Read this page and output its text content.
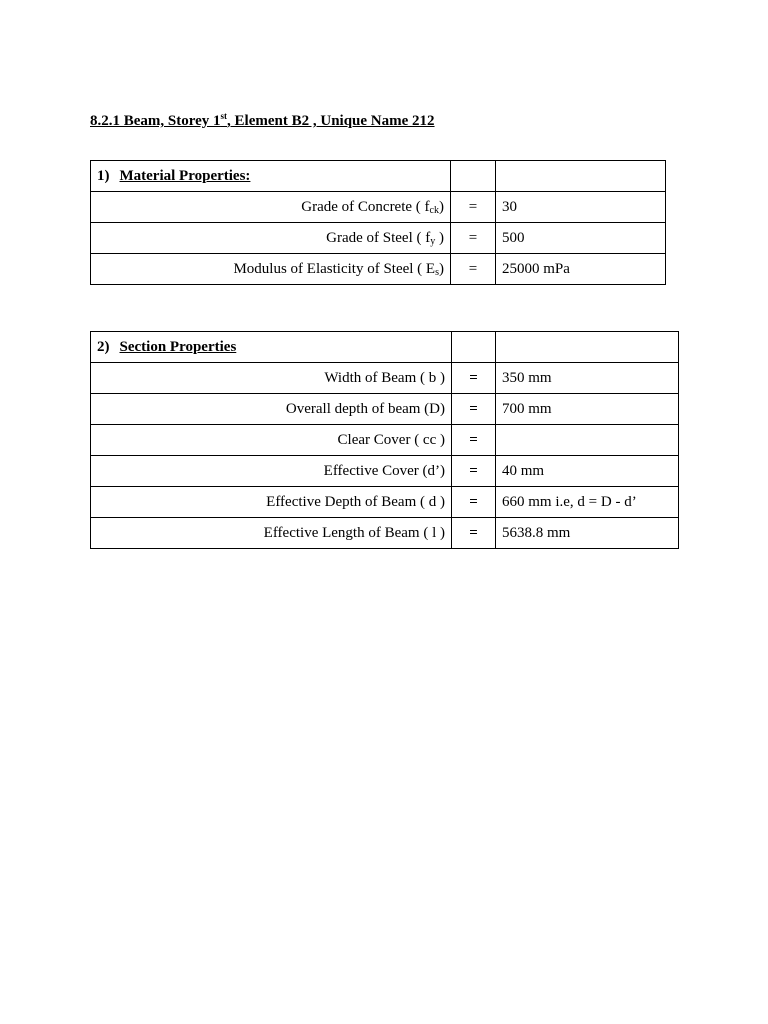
8.2.1 Beam, Storey 1st, Element B2 , Unique Name 212
1) Material Properties:		
Grade of Concrete ( $f_{ck}$)	=	30
Grade of Steel ( $f_y$ )	=	500
Modulus of Elasticity of Steel ( $E_s$)	=	25000 mPa
2) Section Properties		
Width of Beam ( b )	=	350 mm
Overall depth of beam (D)	=	700 mm
Clear Cover ( cc )	=	
Effective Cover (d’)	=	40 mm
Effective Depth of Beam ( d )	=	660 mm i.e, d = D - d’
Effective Length of Beam ( l )	=	5638.8 mm
